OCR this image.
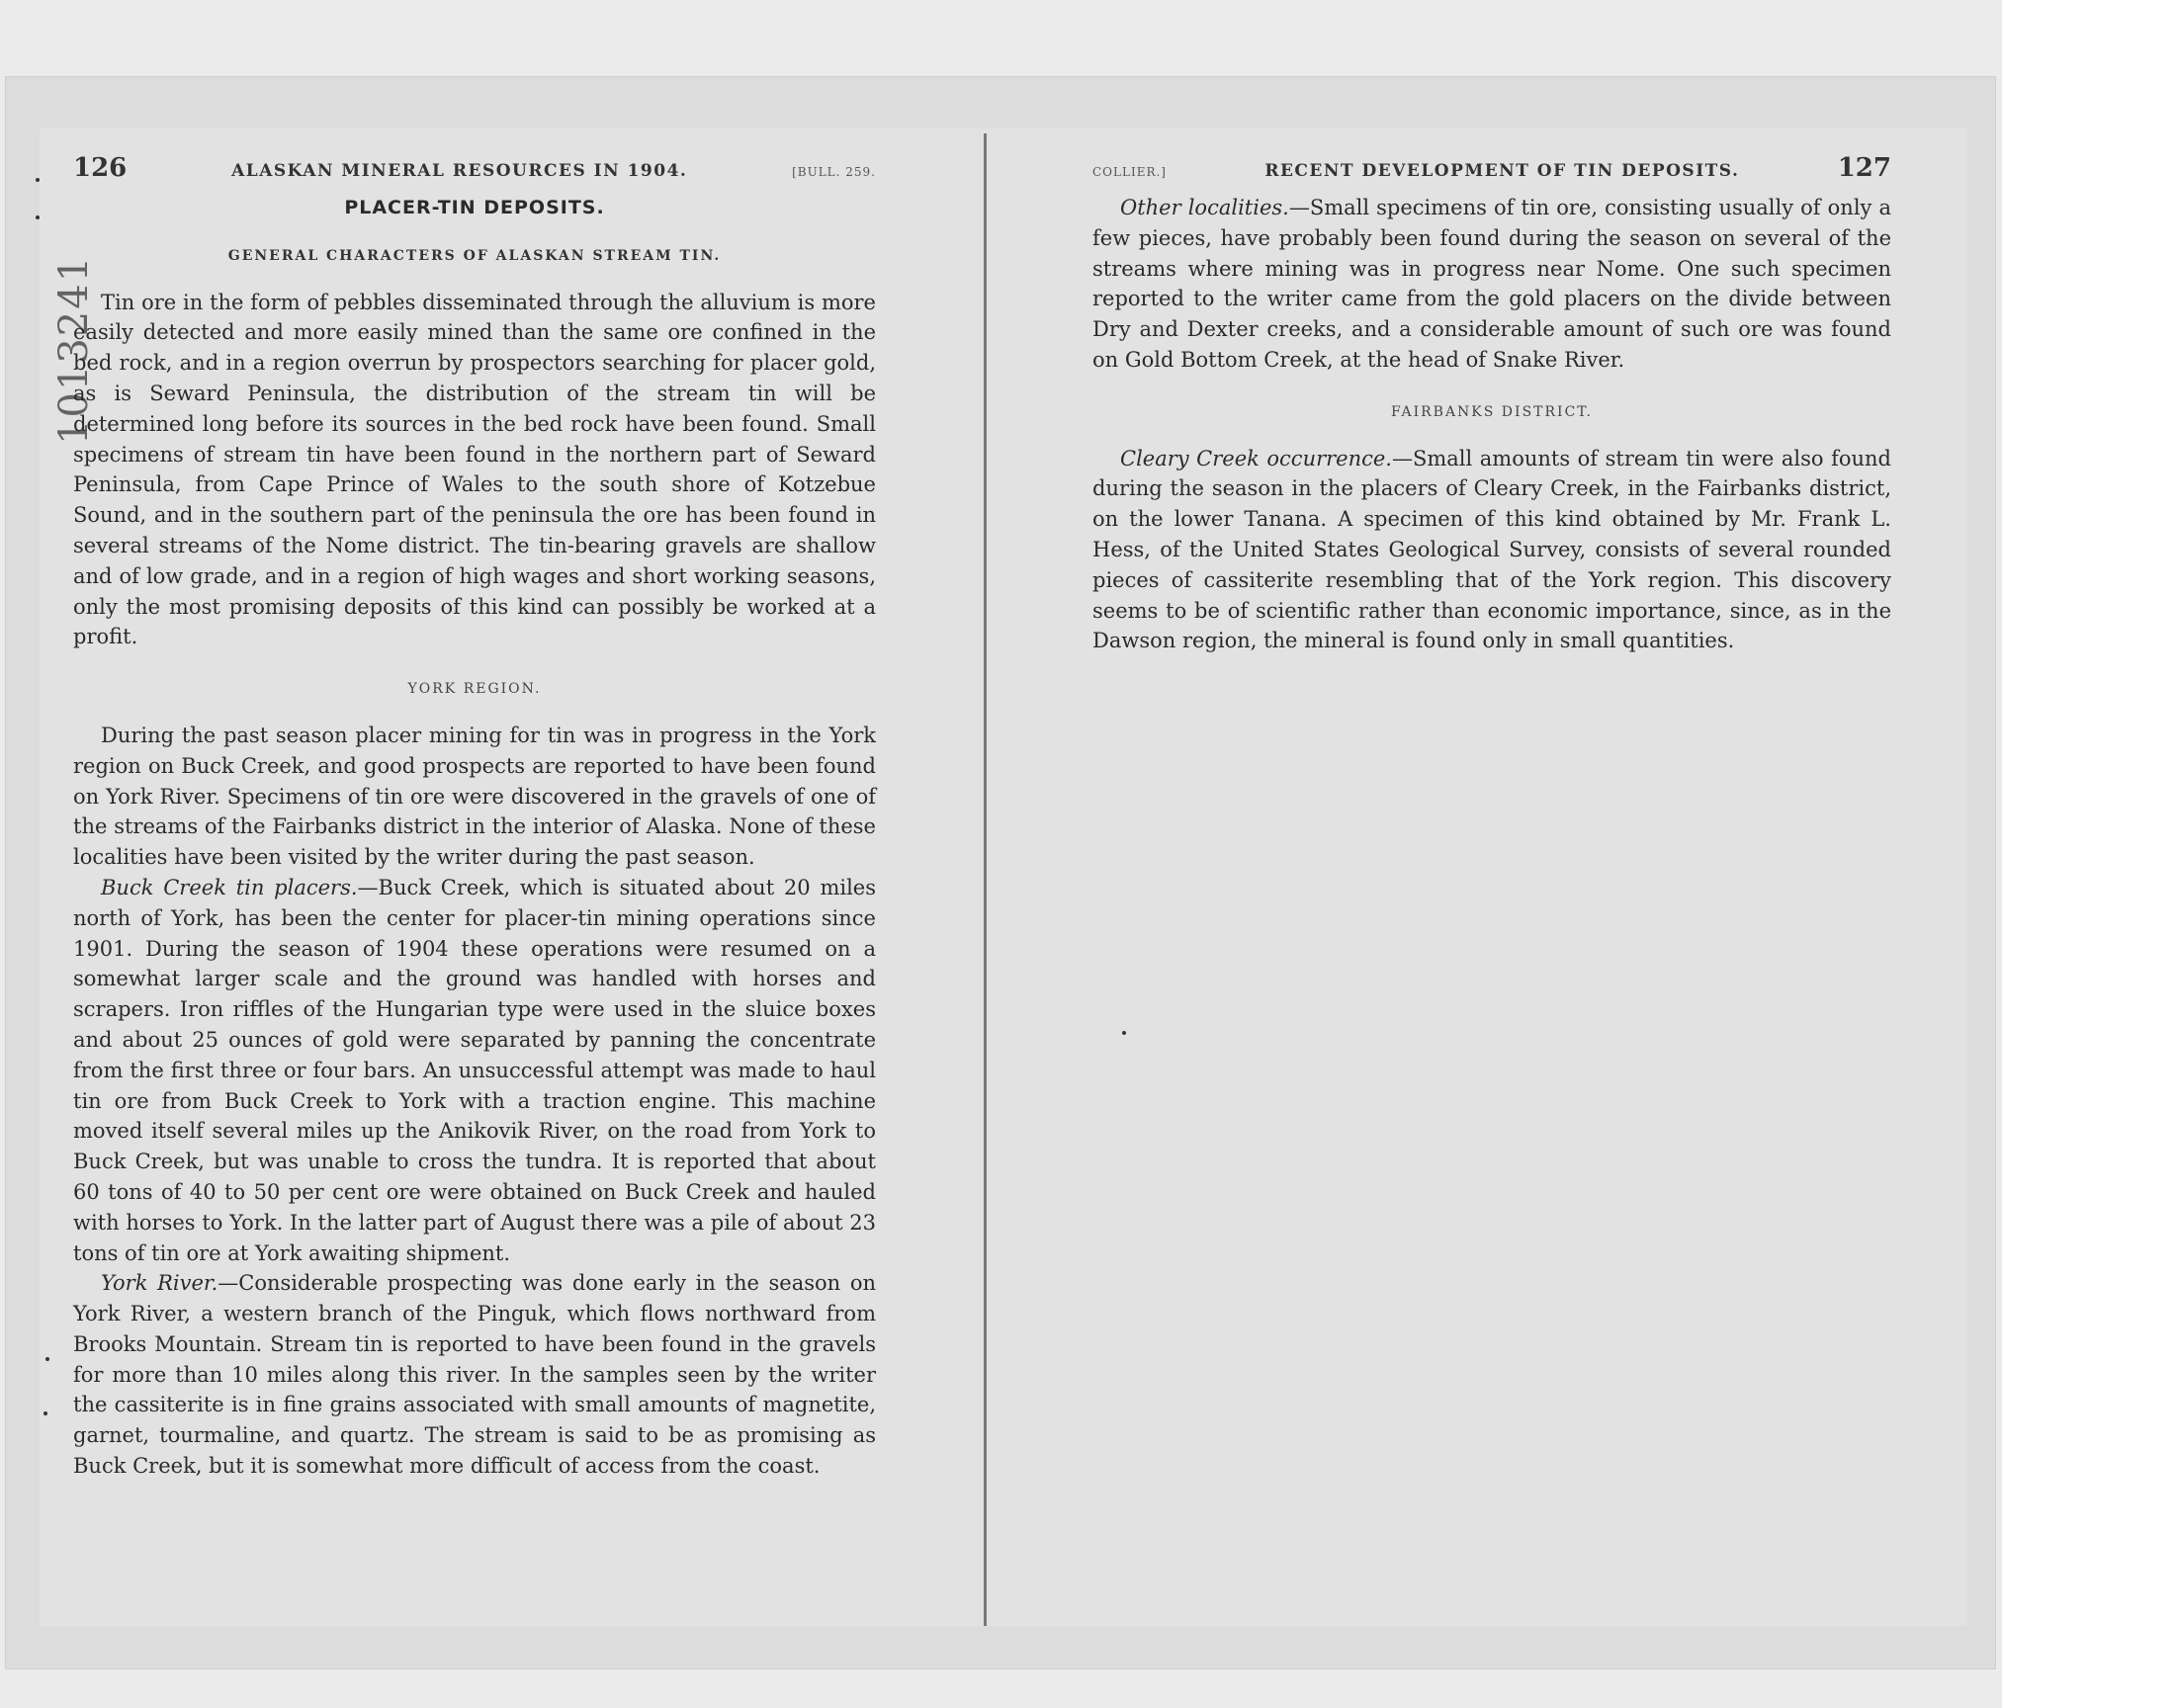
1013241
126	ALASKAN MINERAL RESOURCES IN 1904.	[BULL. 259.
PLACER-TIN DEPOSITS.
GENERAL CHARACTERS OF ALASKAN STREAM TIN.

Tin ore in the form of pebbles disseminated through the alluvium is more easily detected and more easily mined than the same ore confined in the bed rock, and in a region overrun by prospectors searching for placer gold, as is Seward Peninsula, the distribution of the stream tin will be determined long before its sources in the bed rock have been found. Small specimens of stream tin have been found in the northern part of Seward Peninsula, from Cape Prince of Wales to the south shore of Kotzebue Sound, and in the southern part of the peninsula the ore has been found in several streams of the Nome district. The tin-bearing gravels are shallow and of low grade, and in a region of high wages and short working seasons, only the most promising deposits of this kind can possibly be worked at a profit.

YORK REGION.

During the past season placer mining for tin was in progress in the York region on Buck Creek, and good prospects are reported to have been found on York River. Specimens of tin ore were discovered in the gravels of one of the streams of the Fairbanks district in the interior of Alaska. None of these localities have been visited by the writer during the past season.

Buck Creek tin placers.—Buck Creek, which is situated about 20 miles north of York, has been the center for placer-tin mining operations since 1901. During the season of 1904 these operations were resumed on a somewhat larger scale and the ground was handled with horses and scrapers. Iron riffles of the Hungarian type were used in the sluice boxes and about 25 ounces of gold were separated by panning the concentrate from the first three or four bars. An unsuccessful attempt was made to haul tin ore from Buck Creek to York with a traction engine. This machine moved itself several miles up the Anikovik River, on the road from York to Buck Creek, but was unable to cross the tundra. It is reported that about 60 tons of 40 to 50 per cent ore were obtained on Buck Creek and hauled with horses to York. In the latter part of August there was a pile of about 23 tons of tin ore at York awaiting shipment.

York River.—Considerable prospecting was done early in the season on York River, a western branch of the Pinguk, which flows northward from Brooks Mountain. Stream tin is reported to have been found in the gravels for more than 10 miles along this river. In the samples seen by the writer the cassiterite is in fine grains associated with small amounts of magnetite, garnet, tourmaline, and quartz. The stream is said to be as promising as Buck Creek, but it is somewhat more difficult of access from the coast.

COLLIER.]	RECENT DEVELOPMENT OF TIN DEPOSITS.	127

Other localities.—Small specimens of tin ore, consisting usually of only a few pieces, have probably been found during the season on several of the streams where mining was in progress near Nome. One such specimen reported to the writer came from the gold placers on the divide between Dry and Dexter creeks, and a considerable amount of such ore was found on Gold Bottom Creek, at the head of Snake River.

FAIRBANKS DISTRICT.

Cleary Creek occurrence.—Small amounts of stream tin were also found during the season in the placers of Cleary Creek, in the Fairbanks district, on the lower Tanana. A specimen of this kind obtained by Mr. Frank L. Hess, of the United States Geological Survey, consists of several rounded pieces of cassiterite resembling that of the York region. This discovery seems to be of scientific rather than economic importance, since, as in the Dawson region, the mineral is found only in small quantities.
